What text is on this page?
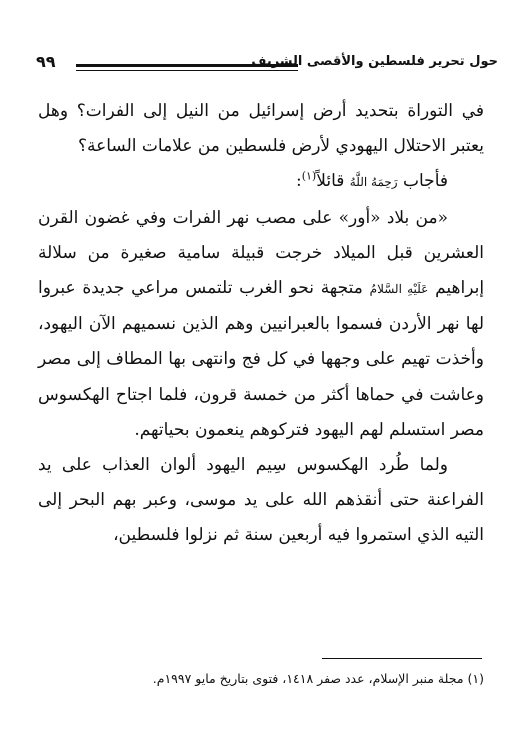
٩٩	حول تحرير فلسطين والأقصى الشريف

في التوراة بتحديد أرض إسرائيل من النيل إلى الفرات؟ وهل يعتبر الاحتلال اليهودي لأرض فلسطين من علامات الساعة؟

فأجاب رَحِمَهُ اللَّهُ قائلاً$^{(١)}$:

«من بلاد «أور» على مصب نهر الفرات وفي غضون القرن العشرين قبل الميلاد خرجت قبيلة سامية صغيرة من سلالة إبراهيم عَلَيْهِ السَّلامُ متجهة نحو الغرب تلتمس مراعي جديدة عبروا لها نهر الأردن فسموا بالعبرانيين وهم الذين نسميهم الآن اليهود، وأخذت تهيم على وجهها في كل فج وانتهى بها المطاف إلى مصر وعاشت في حماها أكثر من خمسة قرون، فلما اجتاح الهكسوس مصر استسلم لهم اليهود فتركوهم ينعمون بحياتهم.

ولما طُرد الهكسوس سِيم اليهود ألوان العذاب على يد الفراعنة حتى أنقذهم الله على يد موسى، وعبر بهم البحر إلى التيه الذي استمروا فيه أربعين سنة ثم نزلوا فلسطين،

(١) مجلة منبر الإسلام، عدد صفر ١٤١٨، فتوى بتاريخ مايو ١٩٩٧م.
